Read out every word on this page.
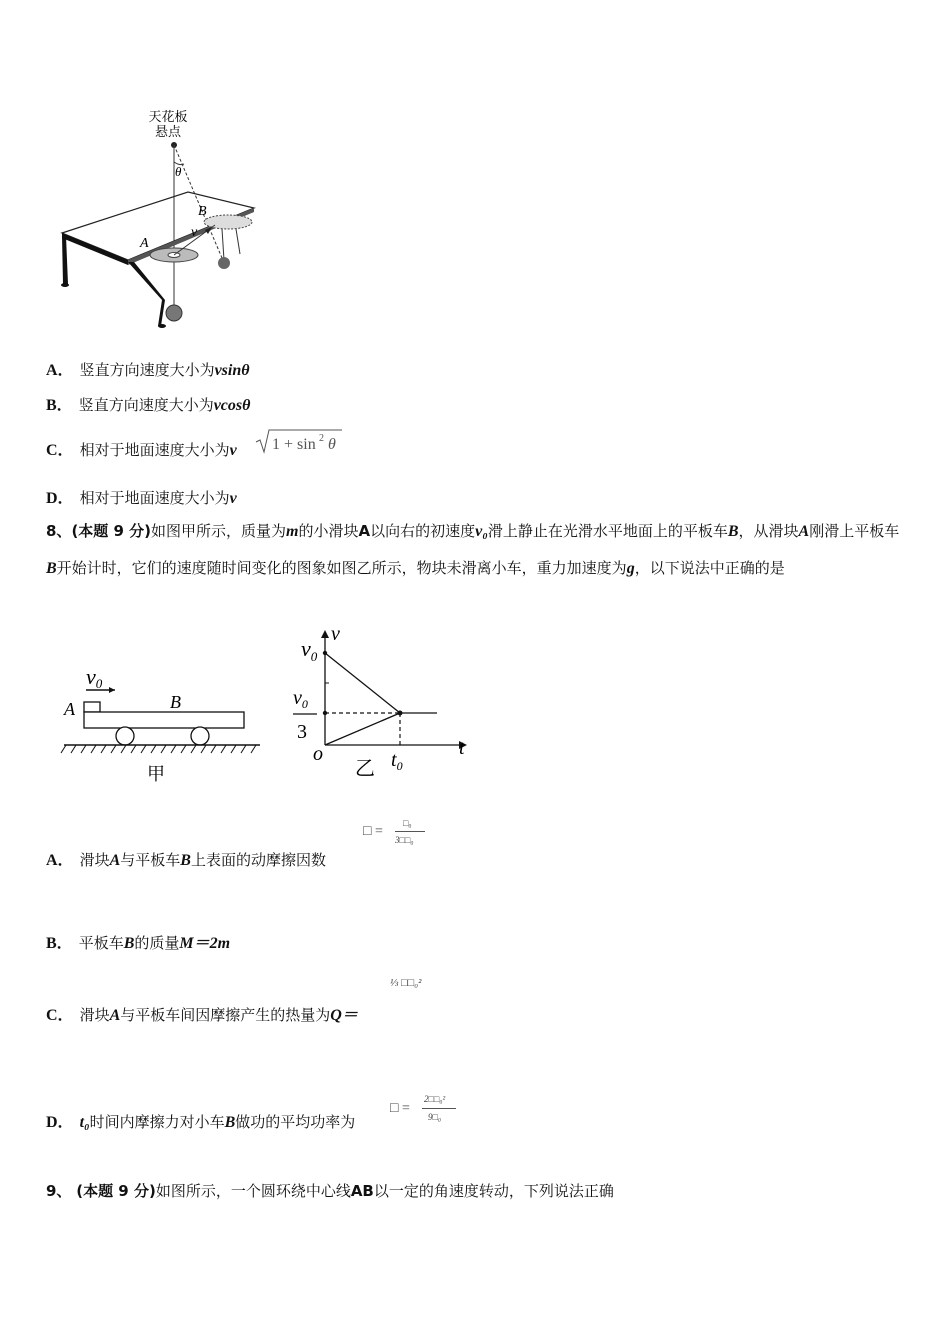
天花板
悬点
θ
A
B
v
A． 竖直方向速度大小为vsinθ
B． 竖直方向速度大小为vcosθ
C． 相对于地面速度大小为v 1 + sin 2 θ
D． 相对于地面速度大小为v
8、(本题 9 分)如图甲所示，质量为m的小滑块A以向右的初速度v₀滑上静止在光滑水平地面上的平板车B，从滑块A刚滑上平板车B开始计时，它们的速度随时间变化的图象如图乙所示，物块未滑离小车，重力加速度为g，以下说法中正确的是
v0
A	B
甲
v
t
o
$v_0$
$v_0$
3
$t_0$
乙
□ =
□₀
3□□₀
A． 滑块A与平板车B上表面的动摩擦因数
B． 平板车B的质量M＝2m
⅓ □□₀²
C． 滑块A与平板车间因摩擦产生的热量为Q＝
□ =
2□□₀²
9□₀
D． t₀时间内摩擦力对小车B做功的平均功率为
9、 (本题 9 分)如图所示，一个圆环绕中心线AB以一定的角速度转动，下列说法正确
